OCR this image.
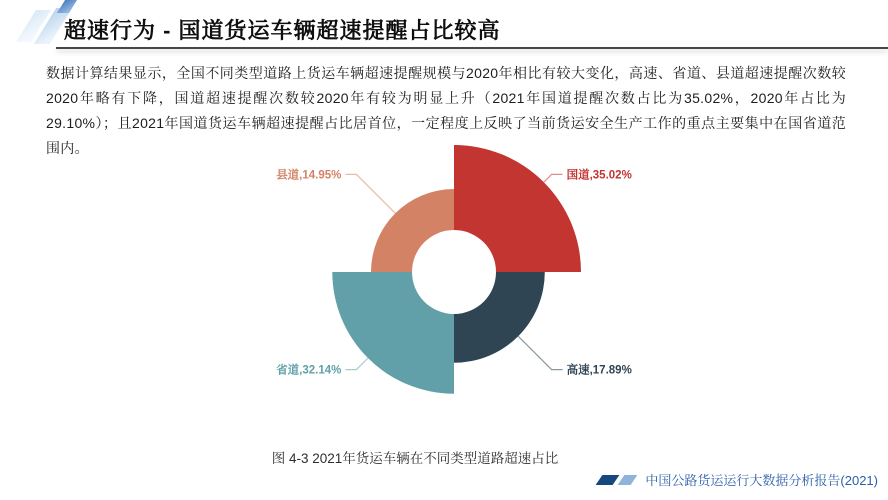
超速行为 - 国道货运车辆超速提醒占比较高
数据计算结果显示，全国不同类型道路上货运车辆超速提醒规模与2020年相比有较大变化，高速、省道、县道超速提醒次数较2020年略有下降，国道超速提醒次数较2020年有较为明显上升（2021年国道提醒次数占比为35.02%，2020年占比为29.10%）；且2021年国道货运车辆超速提醒占比居首位，一定程度上反映了当前货运安全生产工作的重点主要集中在国省道范围内。
国道,35.02%
高速,17.89%
省道,32.14%
县道,14.95%
图 4-3 2021年货运车辆在不同类型道路超速占比
中国公路货运运行大数据分析报告(2021)
